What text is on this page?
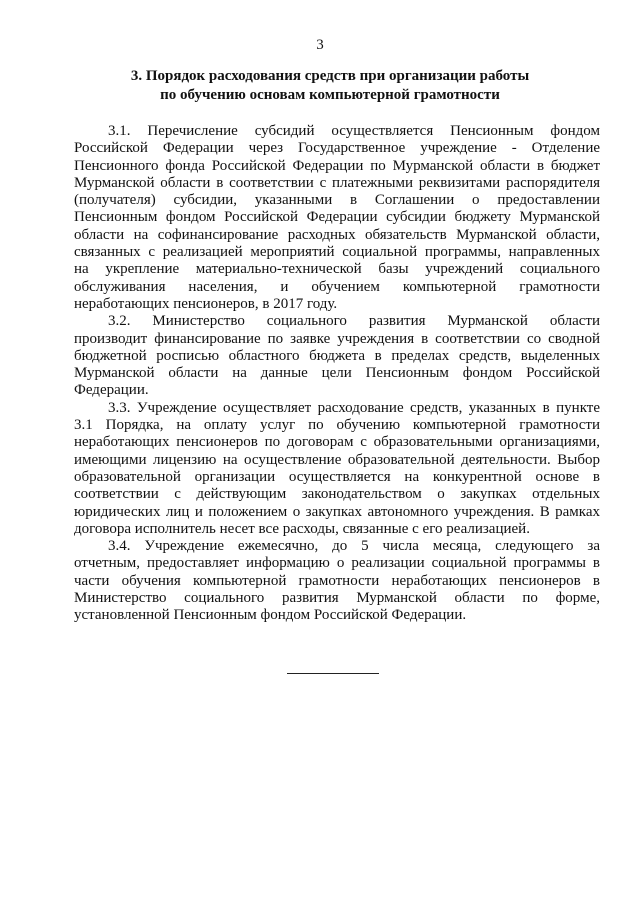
3
3. Порядок расходования средств при организации работы
по обучению основам компьютерной грамотности
3.1. Перечисление субсидий осуществляется Пенсионным фондом
Российской Федерации через Государственное учреждение - Отделение
Пенсионного фонда Российской Федерации по Мурманской области в бюджет
Мурманской области в соответствии с платежными реквизитами распорядителя
(получателя) субсидии, указанными в Соглашении о предоставлении
Пенсионным фондом Российской Федерации субсидии бюджету Мурманской
области на софинансирование расходных обязательств Мурманской области,
связанных с реализацией мероприятий социальной программы, направленных
на укрепление материально-технической базы учреждений социального
обслуживания населения, и обучением компьютерной грамотности
неработающих пенсионеров, в 2017 году.
3.2. Министерство социального развития Мурманской области
производит финансирование по заявке учреждения в соответствии со сводной
бюджетной росписью областного бюджета в пределах средств, выделенных
Мурманской области на данные цели Пенсионным фондом Российской
Федерации.
3.3. Учреждение осуществляет расходование средств, указанных в пункте
3.1 Порядка, на оплату услуг по обучению компьютерной грамотности
неработающих пенсионеров по договорам с образовательными организациями,
имеющими лицензию на осуществление образовательной деятельности. Выбор
образовательной организации осуществляется на конкурентной основе в
соответствии с действующим законодательством о закупках отдельных
юридических лиц и положением о закупках автономного учреждения. В рамках
договора исполнитель несет все расходы, связанные с его реализацией.
3.4. Учреждение ежемесячно, до 5 числа месяца, следующего за
отчетным, предоставляет информацию о реализации социальной программы в
части обучения компьютерной грамотности неработающих пенсионеров в
Министерство социального развития Мурманской области по форме,
установленной Пенсионным фондом Российской Федерации.
